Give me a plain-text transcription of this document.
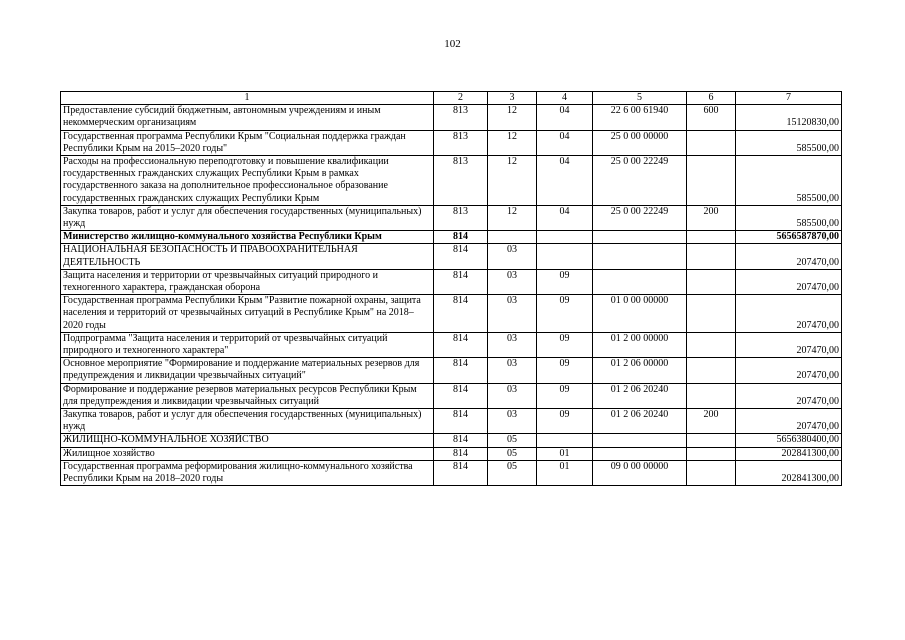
102
1	2	3	4	5	6	7
Предоставление субсидий бюджетным, автономным учреждениям и иным некоммерческим организациям	813	12	04	22 6 00 61940	600	15120830,00
Государственная программа Республики Крым "Социальная поддержка граждан Республики Крым на 2015–2020 годы"	813	12	04	25 0 00 00000		585500,00
Расходы на профессиональную переподготовку и повышение квалификации государственных гражданских служащих Республики Крым в рамках государственного заказа на дополнительное профессиональное образование государственных гражданских служащих Республики Крым	813	12	04	25 0 00 22249		585500,00
Закупка товаров, работ и услуг для обеспечения государственных (муниципальных) нужд	813	12	04	25 0 00 22249	200	585500,00
Министерство жилищно-коммунального хозяйства Республики Крым	814					5656587870,00
НАЦИОНАЛЬНАЯ БЕЗОПАСНОСТЬ И ПРАВООХРАНИТЕЛЬНАЯ ДЕЯТЕЛЬНОСТЬ	814	03				207470,00
Защита населения и территории от чрезвычайных ситуаций природного и техногенного характера, гражданская оборона	814	03	09			207470,00
Государственная программа Республики Крым "Развитие пожарной охраны, защита населения и территорий от чрезвычайных ситуаций в Республике Крым" на 2018–2020 годы	814	03	09	01 0 00 00000		207470,00
Подпрограмма "Защита населения и территорий от чрезвычайных ситуаций природного и техногенного характера"	814	03	09	01 2 00 00000		207470,00
Основное мероприятие "Формирование и поддержание материальных резервов для предупреждения и ликвидации чрезвычайных ситуаций"	814	03	09	01 2 06 00000		207470,00
Формирование и поддержание резервов материальных ресурсов Республики Крым для предупреждения и ликвидации чрезвычайных ситуаций	814	03	09	01 2 06 20240		207470,00
Закупка товаров, работ и услуг для обеспечения государственных (муниципальных) нужд	814	03	09	01 2 06 20240	200	207470,00
ЖИЛИЩНО-КОММУНАЛЬНОЕ ХОЗЯЙСТВО	814	05				5656380400,00
Жилищное хозяйство	814	05	01			202841300,00
Государственная программа реформирования жилищно-коммунального хозяйства Республики Крым на 2018–2020 годы	814	05	01	09 0 00 00000		202841300,00
